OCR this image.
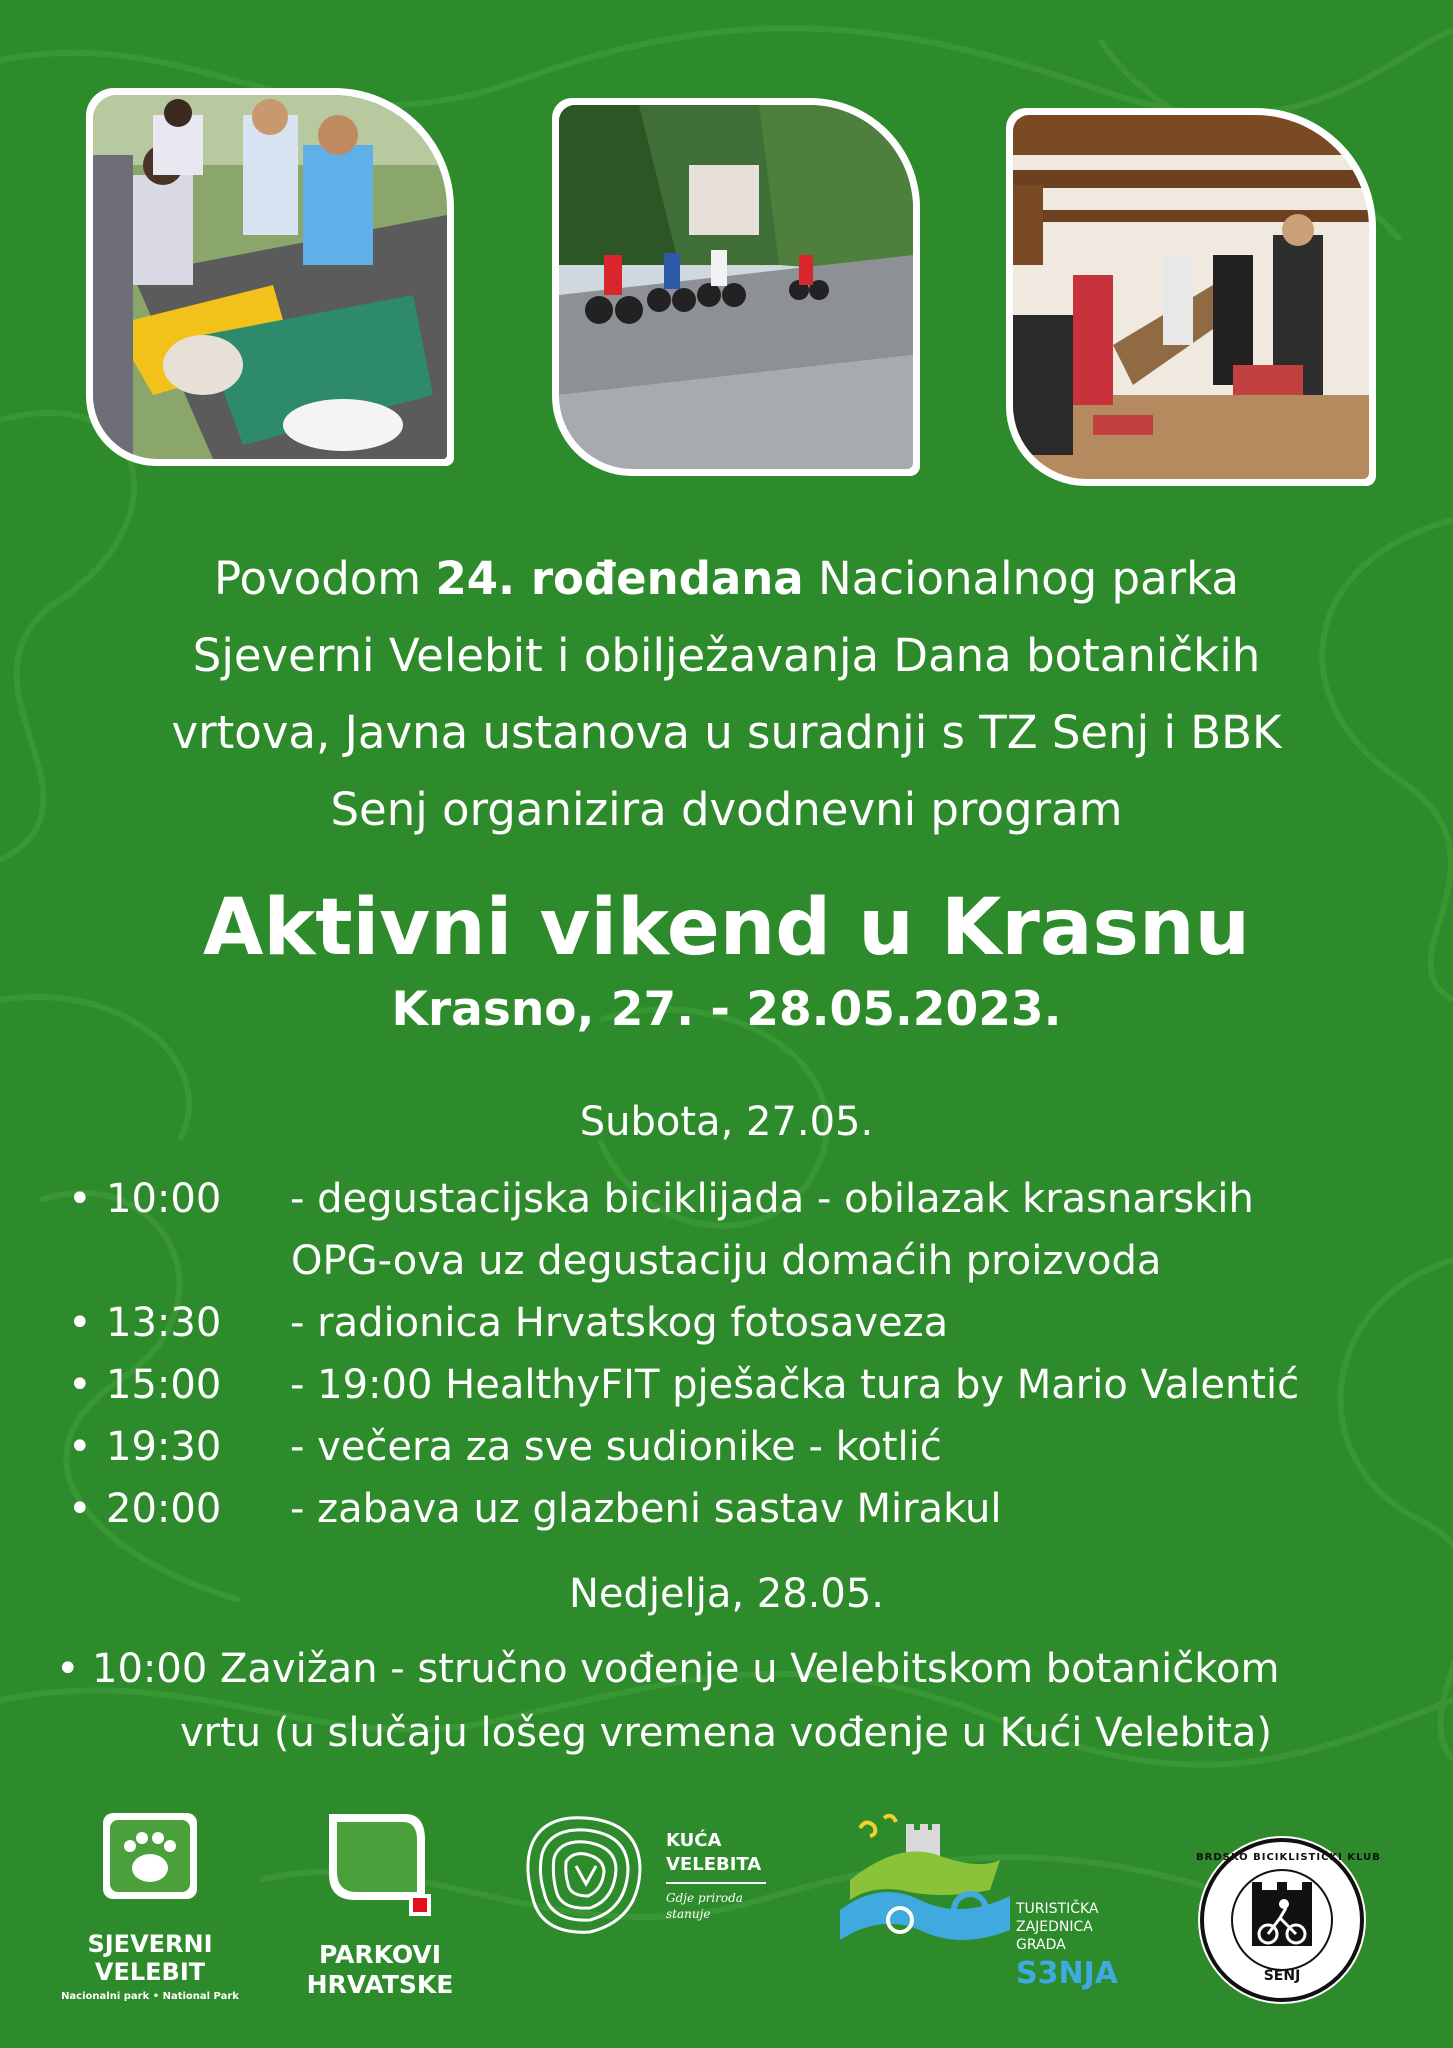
Povodom 24. rođendana Nacionalnog parka
Sjeverni Velebit i obilježavanja Dana botaničkih
vrtova, Javna ustanova u suradnji s TZ Senj i BBK
Senj organizira dvodnevni program
Aktivni vikend u Krasnu
Krasno, 27. - 28.05.2023.
Subota, 27.05.
• 10:00 - degustacijska biciklijada - obilazak krasnarskih
OPG-ova uz degustaciju domaćih proizvoda
• 13:30 - radionica Hrvatskog fotosaveza
• 15:00 - 19:00 HealthyFIT pješačka tura by Mario Valentić
• 19:30 - večera za sve sudionike - kotlić
• 20:00 - zabava uz glazbeni sastav Mirakul
Nedjelja, 28.05.
• 10:00 Zavižan - stručno vođenje u Velebitskom botaničkom
vrtu (u slučaju lošeg vremena vođenje u Kući Velebita)
SJEVERNI
VELEBIT
Nacionalni park • National Park
PARKOVI
HRVATSKE
KUĆA
VELEBITA
Gdje priroda
stanuje	TURISTIČKA
ZAJEDNICA
GRADA
S3NJA
BRDSKO BICIKLISTIČKI KLUB
SENJ
